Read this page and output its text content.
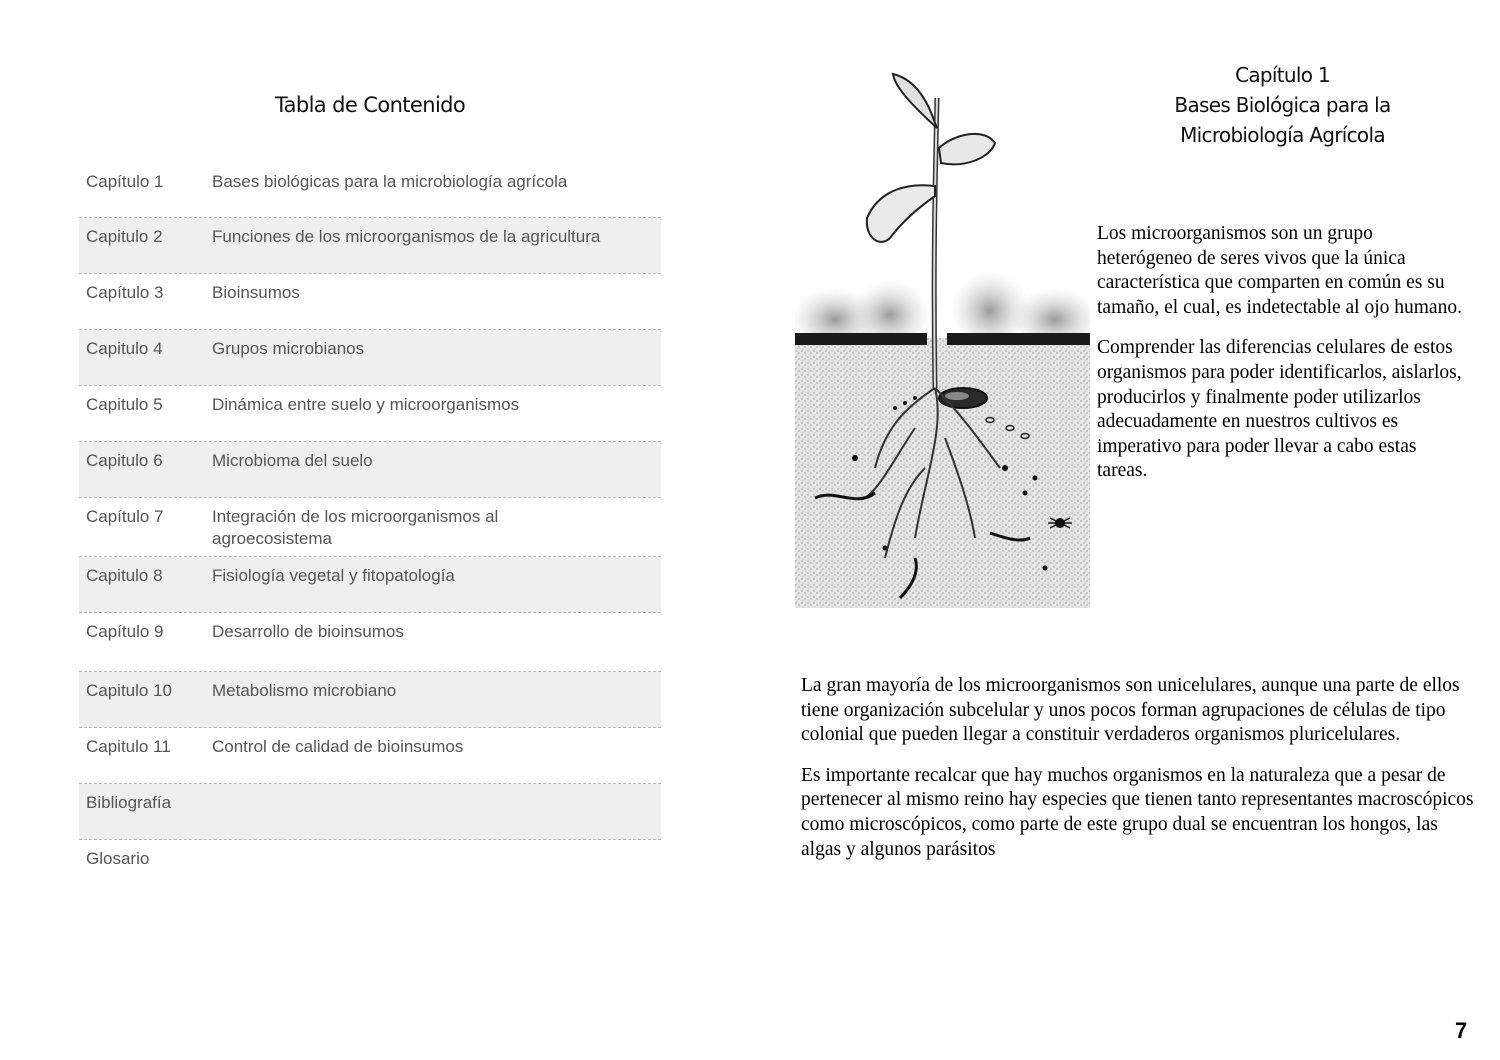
Tabla de Contenido
Capítulo 1	Bases biológicas para la microbiología agrícola
Capitulo 2	Funciones de los microorganismos de la agricultura
Capítulo 3	Bioinsumos
Capitulo 4	Grupos microbianos
Capitulo 5	Dinámica entre suelo y microorganismos
Capitulo 6	Microbioma del suelo
Capítulo 7	Integración de los microorganismos al agroecosistema
Capitulo 8	Fisiología vegetal y fitopatología
Capítulo 9	Desarrollo de bioinsumos
Capitulo 10	Metabolismo microbiano
Capitulo 11	Control de calidad de bioinsumos
Bibliografía
Glosario
Capítulo 1
Bases Biológica para la
Microbiología Agrícola

Los microorganismos son un grupo heterógeneo de seres vivos que la única característica que comparten en común es su tamaño, el cual, es indetectable al ojo humano.

Comprender las diferencias celulares de estos organismos para poder identificarlos, aislarlos, producirlos y finalmente poder utilizarlos adecuadamente en nuestros cultivos es imperativo para poder llevar a cabo estas tareas.

La gran mayoría de los microorganismos son unicelulares, aunque una parte de ellos tiene organización subcelular y unos pocos forman agrupaciones de células de tipo colonial que pueden llegar a constituir verdaderos organismos pluricelulares.

Es importante recalcar que hay muchos organismos en la naturaleza que a pesar de pertenecer al mismo reino hay especies que tienen tanto representantes macroscópicos como microscópicos, como parte de este grupo dual se encuentran los hongos, las algas y algunos parásitos

7
